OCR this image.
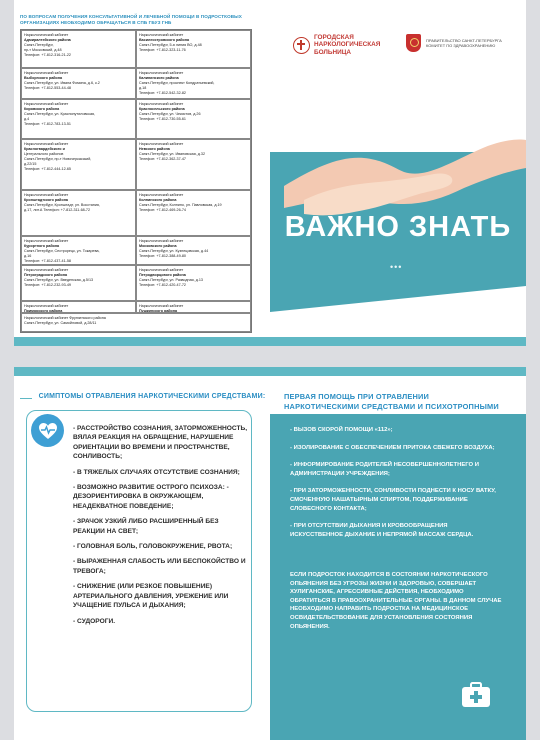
ПО ВОПРОСАМ ПОЛУЧЕНИЯ КОНСУЛЬТАТИВНОЙ И ЛЕЧЕБНОЙ ПОМОЩИ В ПОДРОСТКОВЫХ ОРГАНИЗАЦИЯХ НЕОБХОДИМО ОБРАЩАТЬСЯ В СПБ ГБУЗ ГНБ
Наркологический кабинет
Адмиралтейского района
Санкт-Петербург,
пр-т Московский, д.48
Телефон: +7-812-316-21-22
Наркологический кабинет
Василеостровского района
Санкт-Петербург, 5-я линия ВО, д.48
Телефон: +7-812-323-11-76
Наркологический кабинет
Выборгского района
Санкт-Петербург, ул. Ивана Фомина, д.6, к.2
Телефон: +7-812-553-44-48
Наркологический кабинет
Калининского района
Санкт-Петербург, проспект Кондратьевский,
д.18
Телефон: +7-812-542-32-82
Наркологический кабинет
Кировского района
Санкт-Петербург, ул. Краснопутиловская,
д.4
Телефон: +7-812-783-13-51
Наркологический кабинет
Красносельского района
Санкт-Петербург, ул. Чекистов, д.26
Телефон: +7-812-730-55-61
Наркологический кабинет
Красногвардейского и
Центрального районов
Санкт-Петербург, пр-т Новочеркасский,
д.22/15
Телефон: +7-812-444-12-65
Наркологический кабинет
Невского района
Санкт-Петербург, ул. Ивановская, д.32
Телефон: +7-812-362-37-47
Наркологический кабинет
Кронштадтского района
Санкт-Петербург, Кронштадт, ул. Восстания,
д.17, лит.А Телефон: +7-812-311-68-72
Наркологический кабинет
Колпинского района
Санкт-Петербург, Колпино, ул. Павловская, д.19
Телефон: +7-812-469-26-74
Наркологический кабинет
Курортного района
Санкт-Петербург, Сестрорецк, ул. Токарева,
д.16
Телефон: +7-812-437-41-58
Наркологический кабинет
Московского района
Санкт-Петербург, ул. Кузнецовская, д.44
Телефон: +7-812-388-49-80
Наркологический кабинет
Петроградского района
Санкт-Петербург, ул. Введенская, д.5/13
Телефон: +7-812-232-93-49
Наркологический кабинет
Петродворцового района
Санкт-Петербург, ул. Разводная, д.13
Телефон: +7-812-420-47-72
Наркологический кабинет
Приморского района
Наркологический кабинет
Пушкинского района
Наркологический кабинет Фрунзенского района
Санкт-Петербург, ул. Самойловой, д.28/11
ГОРОДСКАЯ НАРКОЛОГИЧЕСКАЯ БОЛЬНИЦА
ПРАВИТЕЛЬСТВО САНКТ-ПЕТЕРБУРГА КОМИТЕТ ПО ЗДРАВООХРАНЕНИЮ
ВАЖНО ЗНАТЬ
•••
СИМПТОМЫ ОТРАВЛЕНИЯ НАРКОТИЧЕСКИМИ СРЕДСТВАМИ:
- РАССТРОЙСТВО СОЗНАНИЯ, ЗАТОРМОЖЕННОСТЬ, ВЯЛАЯ РЕАКЦИЯ НА ОБРАЩЕНИЕ, НАРУШЕНИЕ ОРИЕНТАЦИИ ВО ВРЕМЕНИ И ПРОСТРАНСТВЕ, СОНЛИВОСТЬ;
- В ТЯЖЕЛЫХ СЛУЧАЯХ ОТСУТСТВИЕ СОЗНАНИЯ;
- ВОЗМОЖНО РАЗВИТИЕ ОСТРОГО ПСИХОЗА: - ДЕЗОРИЕНТИРОВКА В ОКРУЖАЮЩЕМ, НЕАДЕКВАТНОЕ ПОВЕДЕНИЕ;
- ЗРАЧОК УЗКИЙ ЛИБО РАСШИРЕННЫЙ БЕЗ РЕАКЦИИ НА СВЕТ;
- ГОЛОВНАЯ БОЛЬ, ГОЛОВОКРУЖЕНИЕ, РВОТА;
- ВЫРАЖЕННАЯ СЛАБОСТЬ ИЛИ БЕСПОКОЙСТВО И ТРЕВОГА;
- СНИЖЕНИЕ (ИЛИ РЕЗКОЕ ПОВЫШЕНИЕ) АРТЕРИАЛЬНОГО ДАВЛЕНИЯ, УРЕЖЕНИЕ ИЛИ УЧАЩЕНИЕ ПУЛЬСА И ДЫХАНИЯ;
- СУДОРОГИ.
ПЕРВАЯ ПОМОЩЬ ПРИ ОТРАВЛЕНИИ НАРКОТИЧЕСКИМИ СРЕДСТВАМИ И ПСИХОТРОПНЫМИ
- ВЫЗОВ СКОРОЙ ПОМОЩИ «112»;
- ИЗОЛИРОВАНИЕ С ОБЕСПЕЧЕНИЕМ ПРИТОКА СВЕЖЕГО ВОЗДУХА;
- ИНФОРМИРОВАНИЕ РОДИТЕЛЕЙ НЕСОВЕРШЕННОЛЕТНЕГО И АДМИНИСТРАЦИИ УЧРЕЖДЕНИЯ;
- ПРИ ЗАТОРМОЖЕННОСТИ, СОНЛИВОСТИ ПОДНЕСТИ К НОСУ ВАТКУ, СМОЧЕННУЮ НАШАТЫРНЫМ СПИРТОМ, ПОДДЕРЖИВАНИЕ СЛОВЕСНОГО КОНТАКТА;
- ПРИ ОТСУТСТВИИ ДЫХАНИЯ И КРОВООБРАЩЕНИЯ ИСКУССТВЕННОЕ ДЫХАНИЕ И НЕПРЯМОЙ МАССАЖ СЕРДЦА.
ЕСЛИ ПОДРОСТОК НАХОДИТСЯ В СОСТОЯНИИ НАРКОТИЧЕСКОГО ОПЬЯНЕНИЯ БЕЗ УГРОЗЫ ЖИЗНИ И ЗДОРОВЬЮ, СОВЕРШАЕТ ХУЛИГАНСКИЕ, АГРЕССИВНЫЕ ДЕЙСТВИЯ, НЕОБХОДИМО ОБРАТИТЬСЯ В ПРАВООХРАНИТЕЛЬНЫЕ ОРГАНЫ. В ДАННОМ СЛУЧАЕ НЕОБХОДИМО НАПРАВИТЬ ПОДРОСТКА НА МЕДИЦИНСКОЕ ОСВИДЕТЕЛЬСТВОВАНИЕ ДЛЯ УСТАНОВЛЕНИЯ СОСТОЯНИЯ ОПЬЯНЕНИЯ.
